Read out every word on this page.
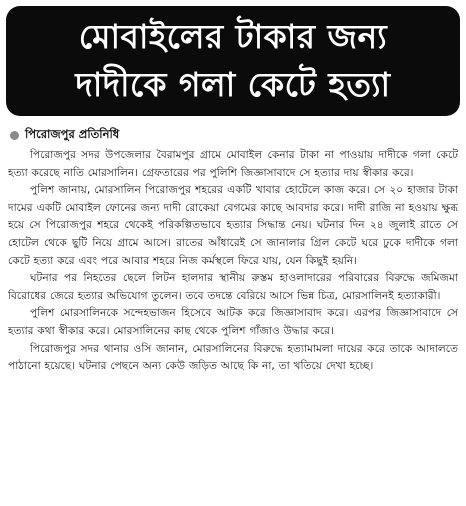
মোবাইলের টাকার জন্য
দাদীকে গলা কেটে হত্যা
পিরোজপুর প্রতিনিধি

পিরোজপুর সদর উপজেলার বৈরামপুর গ্রামে মোবাইল কেনার টাকা না পাওয়ায় দাদীকে গলা কেটে হত্যা করেছে নাতি মোরসালিন। গ্রেফতারের পর পুলিশি জিজ্ঞাসাবাদে সে হত্যার দায় স্বীকার করে।

পুলিশ জানায়, মোরসালিন পিরোজপুর শহরের একটি খাবার হোটেলে কাজ করে। সে ২০ হাজার টাকা দামের একটি মোবাইল ফোনের জন্য দাদী রোকেয়া বেগমের কাছে আবদার করে। দাদী রাজি না হওয়ায় ক্ষুব্ধ হয়ে সে পিরোজপুর শহরে থেকেই পরিকল্পিতভাবে হত্যার সিদ্ধান্ত নেয়। ঘটনার দিন ২৪ জুলাই রাতে সে হোটেল থেকে ছুটি নিয়ে গ্রামে আসে। রাতের আঁধারেই সে জানালার গ্রিল কেটে ঘরে ঢুকে দাদীকে গলা কেটে হত্যা করে এবং পরে আবার শহরে নিজ কর্মস্থলে ফিরে যায়, যেন কিছুই হয়নি।

ঘটনার পর নিহতের ছেলে লিটন হালদার স্থানীয় রুস্তম হাওলাদারের পরিবারের বিরুদ্ধে জমিজমা বিরোধের জেরে হত্যার অভিযোগ তুলেন। তবে তদন্তে বেরিয়ে আসে ভিন্ন চিত্র, মোরসালিনই হত্যাকারী।

পুলিশ মোরসালিনকে সন্দেহভাজন হিসেবে আটক করে জিজ্ঞাসাবাদ করে। এরপর জিজ্ঞাসাবাদে সে হত্যার কথা স্বীকার করে। মোরসালিনের কাছ থেকে পুলিশ গাঁজাও উদ্ধার করে।

পিরোজপুর সদর থানার ওসি জানান, মোরসালিনের বিরুদ্ধে হত্যামামলা দায়ের করে তাকে আদালতে পাঠানো হয়েছে। ঘটনার পেছনে অন্য কেউ জড়িত আছে কি না, তা খতিয়ে দেখা হচ্ছে।
